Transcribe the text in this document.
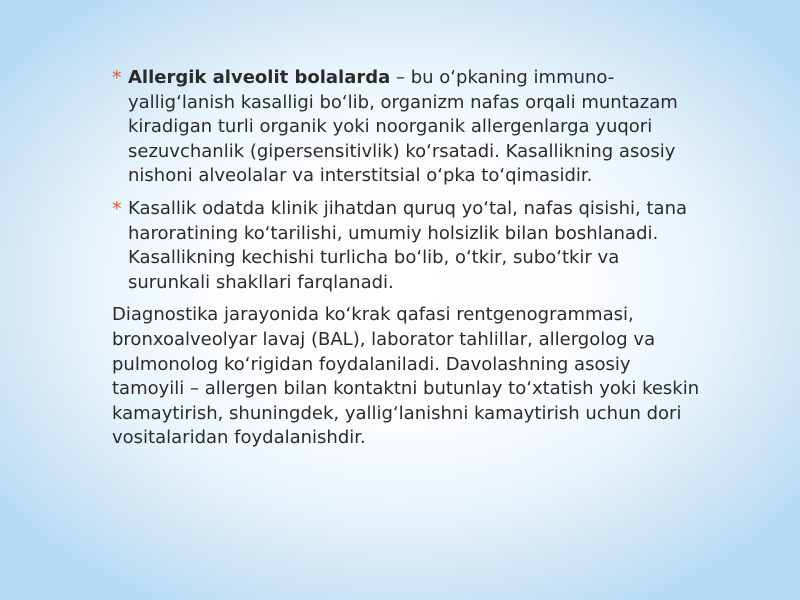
* Allergik alveolit bolalarda – bu o‘pkaning immuno-yallig‘lanish kasalligi bo‘lib, organizm nafas orqali muntazam kiradigan turli organik yoki noorganik allergenlarga yuqori sezuvchanlik (gipersensitivlik) ko‘rsatadi. Kasallikning asosiy nishoni alveolalar va interstitsial o‘pka to‘qimasidir.
* Kasallik odatda klinik jihatdan quruq yo‘tal, nafas qisishi, tana haroratining ko‘tarilishi, umumiy holsizlik bilan boshlanadi. Kasallikning kechishi turlicha bo‘lib, o‘tkir, subo‘tkir va surunkali shakllari farqlanadi.
Diagnostika jarayonida ko‘krak qafasi rentgenogrammasi, bronxoalveolyar lavaj (BAL), laborator tahlillar, allergolog va pulmonolog ko‘rigidan foydalaniladi. Davolashning asosiy tamoyili – allergen bilan kontaktni butunlay to‘xtatish yoki keskin kamaytirish, shuningdek, yallig‘lanishni kamaytirish uchun dori vositalaridan foydalanishdir.
